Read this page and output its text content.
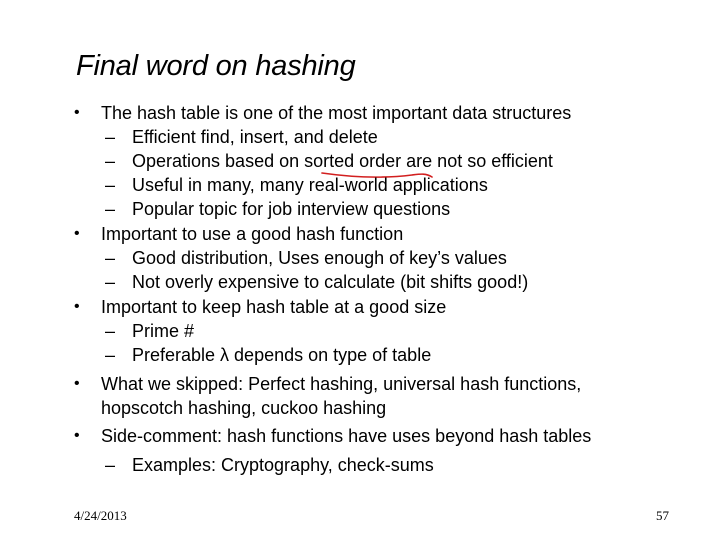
Final word on hashing
• The hash table is one of the most important data structures
– Efficient find, insert, and delete
– Operations based on sorted order are not so efficient
– Useful in many, many real-world applications
– Popular topic for job interview questions
• Important to use a good hash function
– Good distribution, Uses enough of key’s values
– Not overly expensive to calculate (bit shifts good!)
• Important to keep hash table at a good size
– Prime #
– Preferable λ depends on type of table
• What we skipped: Perfect hashing, universal hash functions,
hopscotch hashing, cuckoo hashing
• Side-comment: hash functions have uses beyond hash tables
– Examples: Cryptography, check-sums
4/24/2013	57
